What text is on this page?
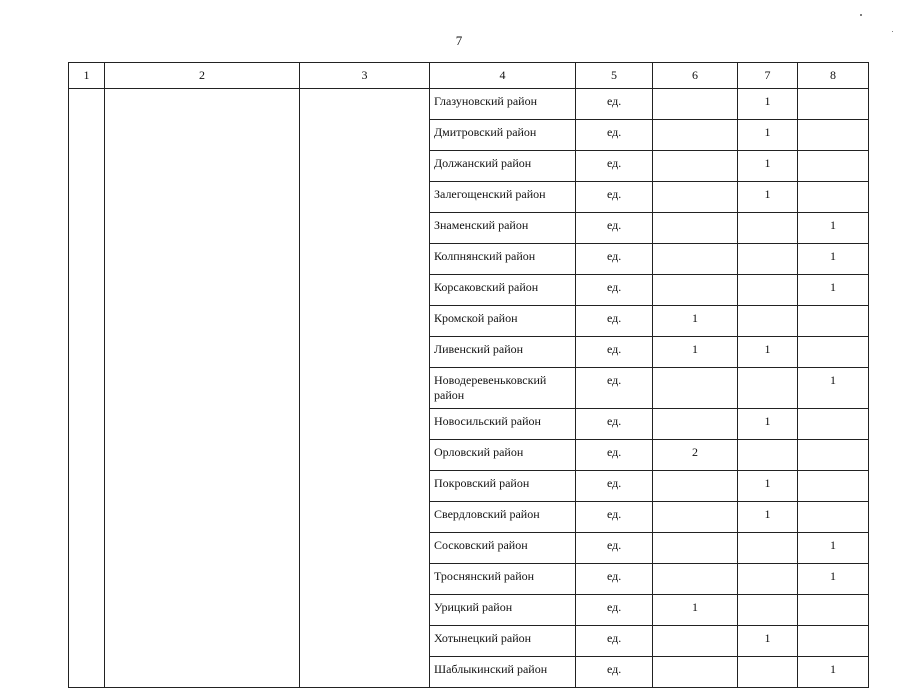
7
1	2	3	4	5	6	7	8
			Глазуновский район	ед.		1	
			Дмитровский район	ед.		1	
			Должанский район	ед.		1	
			Залегощенский район	ед.		1	
			Знаменский район	ед.			1
			Колпнянский район	ед.			1
			Корсаковский район	ед.			1
			Кромской район	ед.	1		
			Ливенский район	ед.	1	1	
			Новодеревеньковский район	ед.			1
			Новосильский район	ед.		1	
			Орловский район	ед.	2		
			Покровский район	ед.		1	
			Свердловский район	ед.		1	
			Сосковский район	ед.			1
			Троснянский район	ед.			1
			Урицкий район	ед.	1		
			Хотынецкий район	ед.		1	
			Шаблыкинский район	ед.			1
